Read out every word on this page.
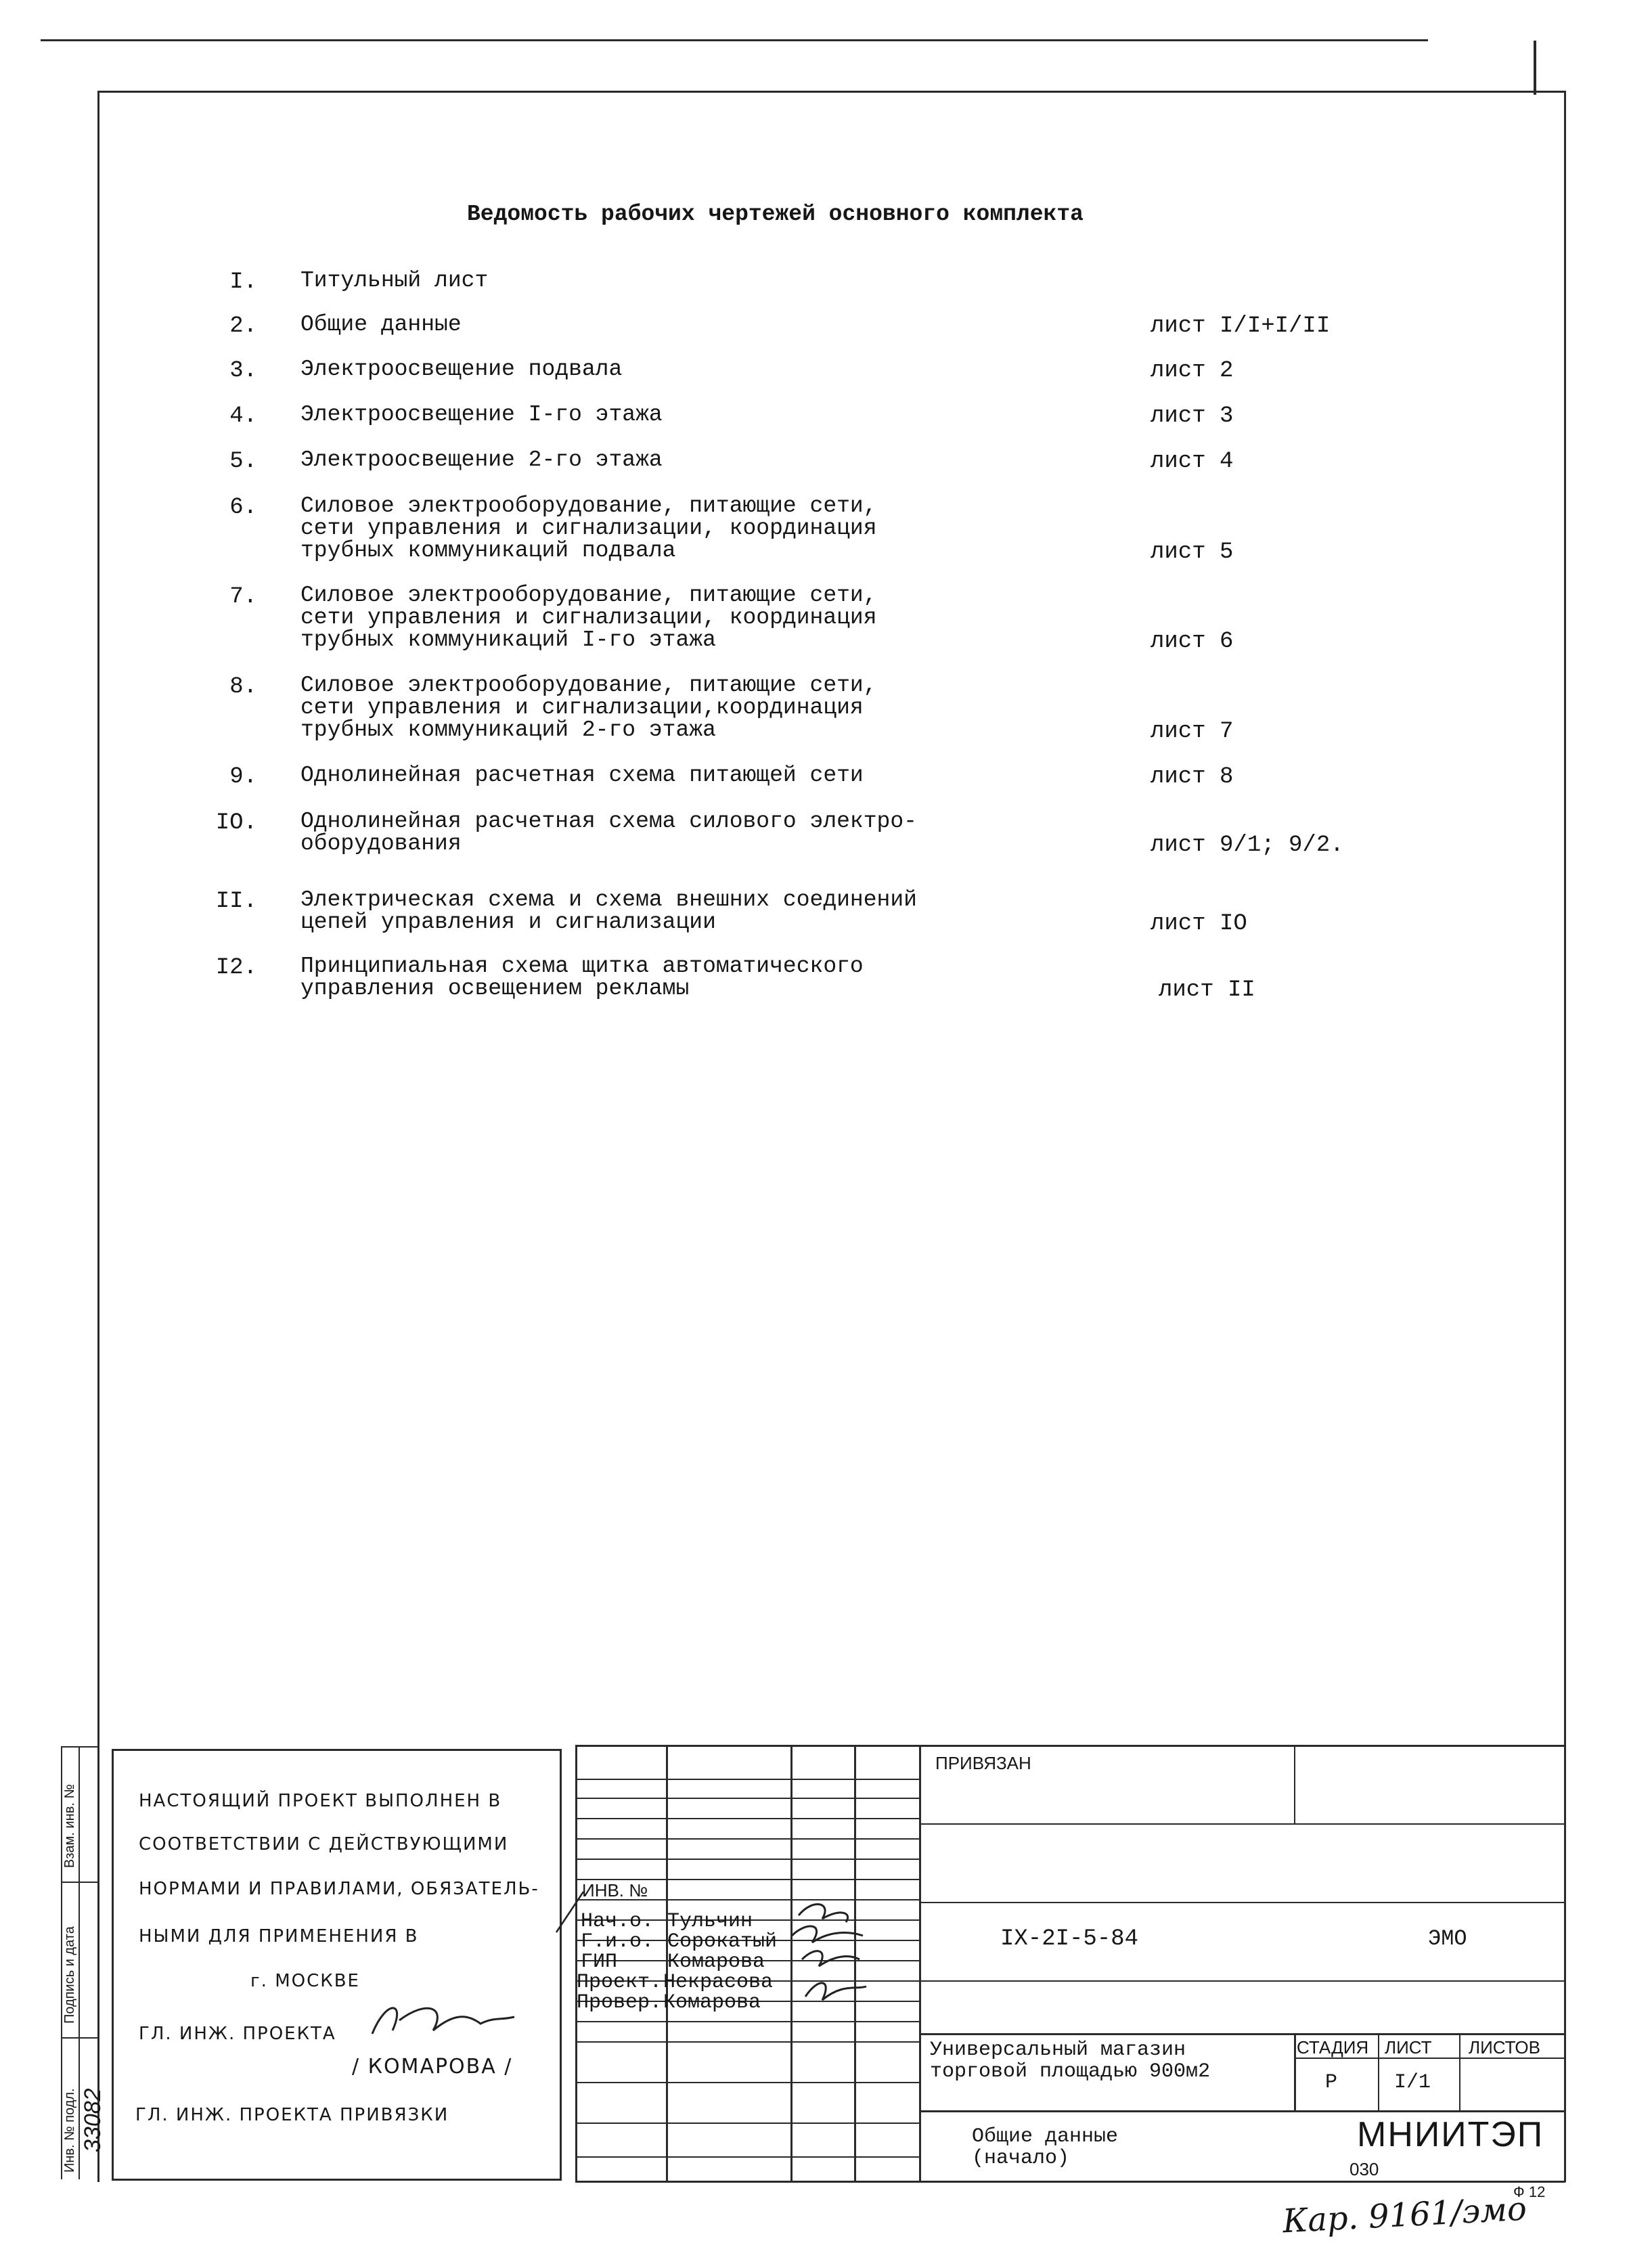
Ведомость рабочих чертежей основного комплекта
I. Титульный лист
2. Общие данные	лист I/I+I/II
3. Электроосвещение подвала	лист 2
4. Электроосвещение I-го этажа	лист 3
5. Электроосвещение 2-го этажа	лист 4
6. Силовое электрооборудование, питающие сети,
сети управления и сигнализации, координация
трубных коммуникаций подвала	лист 5
7. Силовое электрооборудование, питающие сети,
сети управления и сигнализации, координация
трубных коммуникаций I-го этажа	лист 6
8. Силовое электрооборудование, питающие сети,
сети управления и сигнализации,координация
трубных коммуникаций 2-го этажа	лист 7
9. Однолинейная расчетная схема питающей сети	лист 8
IO. Однолинейная расчетная схема силового электро-
оборудования	лист 9/1; 9/2.
II. Электрическая схема и схема внешних соединений
цепей управления и сигнализации	лист IO
I2. Принципиальная схема щитка автоматического
управления освещением рекламы	лист II
Взам. инв. №
Подпись и дата
Инв. № подл. 33082
НАСТОЯЩИЙ ПРОЕКТ ВЫПОЛНЕН В
СООТВЕТСТВИИ С ДЕЙСТВУЮЩИМИ
НОРМАМИ И ПРАВИЛАМИ, ОБЯЗАТЕЛЬ-
НЫМИ ДЛЯ ПРИМЕНЕНИЯ В
г. МОСКВЕ
ГЛ. ИНЖ. ПРОЕКТА
/ КОМАРОВА /
ГЛ. ИНЖ. ПРОЕКТА ПРИВЯЗКИ
ИНВ. №
Нач.о. Тульчин
Г.и.о. Сорокатый
ГИП Комарова
Проект. Некрасова
Провер. Комарова
ПРИВЯЗАН
IX-2I-5-84	ЭМО
Универсальный магазин
торговой площадью 900м2
СТАДИЯ ЛИСТ ЛИСТОВ
Р	I/1
Общие данные
(начало)
МНИИТЭП
030
Ф 12
Кар. 9161/эмо
